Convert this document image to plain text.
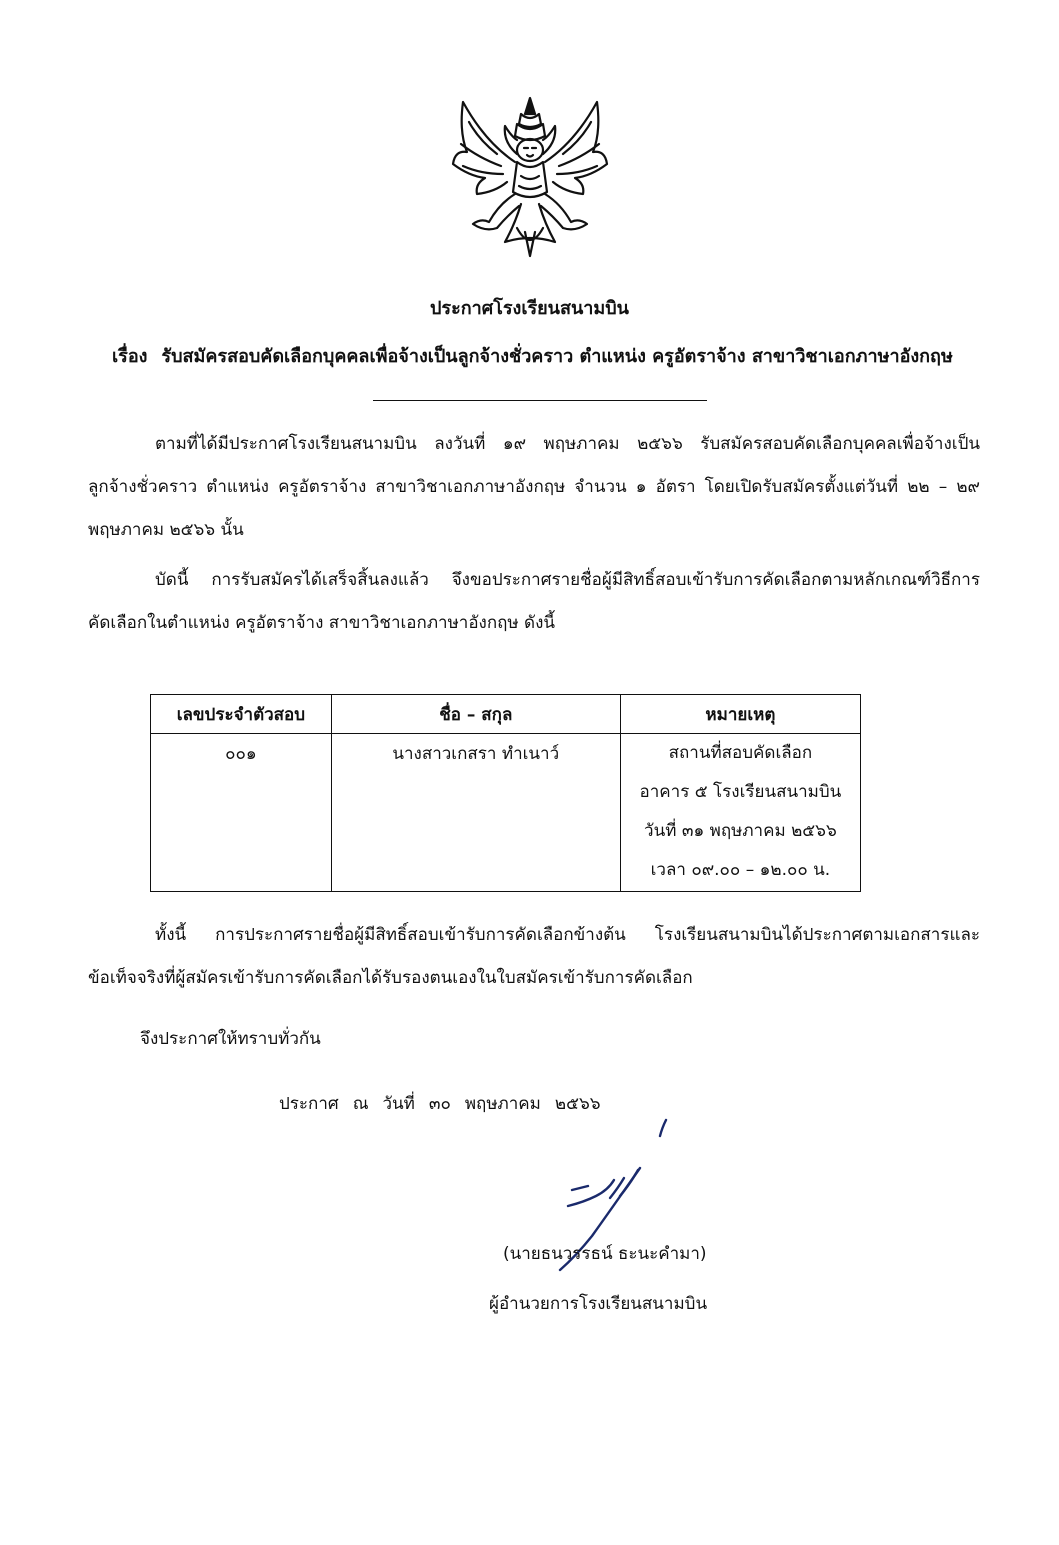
ประกาศโรงเรียนสนามบิน
เรื่อง รับสมัครสอบคัดเลือกบุคคลเพื่อจ้างเป็นลูกจ้างชั่วคราว ตำแหน่ง ครูอัตราจ้าง สาขาวิชาเอกภาษาอังกฤษ
ตามที่ได้มีประกาศโรงเรียนสนามบิน ลงวันที่ ๑๙ พฤษภาคม ๒๕๖๖ รับสมัครสอบคัดเลือกบุคคลเพื่อจ้างเป็น
ลูกจ้างชั่วคราว ตำแหน่ง ครูอัตราจ้าง สาขาวิชาเอกภาษาอังกฤษ จำนวน ๑ อัตรา โดยเปิดรับสมัครตั้งแต่วันที่ ๒๒ – ๒๙
พฤษภาคม ๒๕๖๖ นั้น
บัดนี้ การรับสมัครได้เสร็จสิ้นลงแล้ว จึงขอประกาศรายชื่อผู้มีสิทธิ์สอบเข้ารับการคัดเลือกตามหลักเกณฑ์วิธีการ
คัดเลือกในตำแหน่ง ครูอัตราจ้าง สาขาวิชาเอกภาษาอังกฤษ ดังนี้
เลขประจำตัวสอบ	ชื่อ – สกุล	หมายเหตุ
๐๐๑	นางสาวเกสรา ทำเนาว์	สถานที่สอบคัดเลือก
อาคาร ๕ โรงเรียนสนามบิน
วันที่ ๓๑ พฤษภาคม ๒๕๖๖
เวลา ๐๙.๐๐ – ๑๒.๐๐ น.
ทั้งนี้ การประกาศรายชื่อผู้มีสิทธิ์สอบเข้ารับการคัดเลือกข้างต้น โรงเรียนสนามบินได้ประกาศตามเอกสารและ
ข้อเท็จจริงที่ผู้สมัครเข้ารับการคัดเลือกได้รับรองตนเองในใบสมัครเข้ารับการคัดเลือก
จึงประกาศให้ทราบทั่วกัน
ประกาศ ณ วันที่ ๓๐ พฤษภาคม ๒๕๖๖
(นายธนวรรธน์ ธะนะคำมา)
ผู้อำนวยการโรงเรียนสนามบิน
